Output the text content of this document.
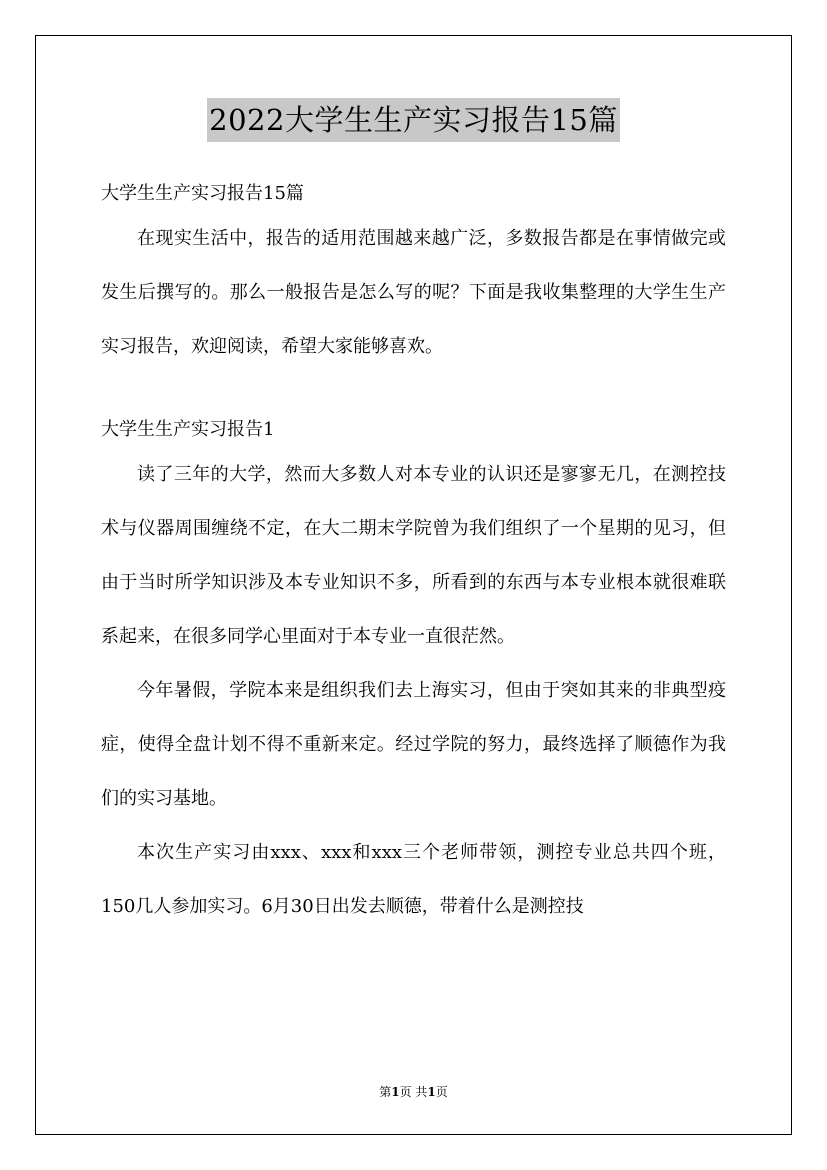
2022大学生生产实习报告15篇

大学生生产实习报告15篇

在现实生活中，报告的适用范围越来越广泛，多数报告都是在事情做完或发生后撰写的。那么一般报告是怎么写的呢？下面是我收集整理的大学生生产实习报告，欢迎阅读，希望大家能够喜欢。

大学生生产实习报告1

读了三年的大学，然而大多数人对本专业的认识还是寥寥无几，在测控技术与仪器周围缠绕不定，在大二期末学院曾为我们组织了一个星期的见习，但由于当时所学知识涉及本专业知识不多，所看到的东西与本专业根本就很难联系起来，在很多同学心里面对于本专业一直很茫然。

今年暑假，学院本来是组织我们去上海实习，但由于突如其来的非典型疫症，使得全盘计划不得不重新来定。经过学院的努力，最终选择了顺德作为我们的实习基地。

本次生产实习由xxx、xxx和xxx三个老师带领，测控专业总共四个班，150几人参加实习。6月30日出发去顺德，带着什么是测控技

第1页 共1页
